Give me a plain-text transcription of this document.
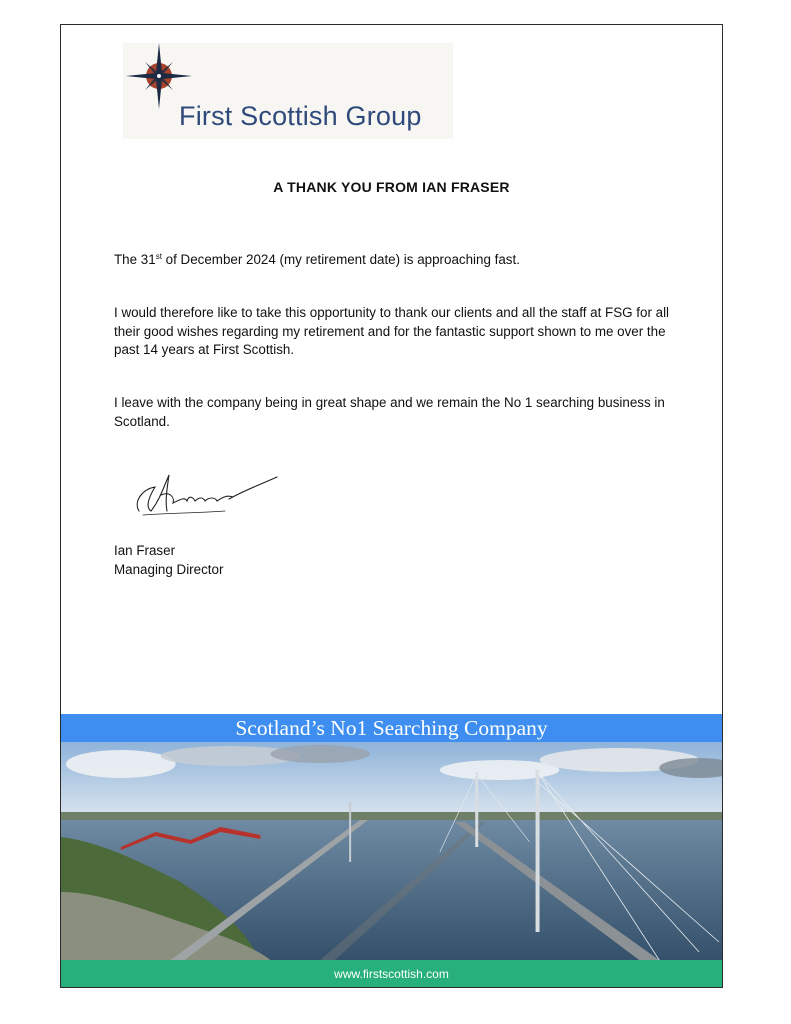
First Scottish Group
A THANK YOU FROM IAN FRASER

The 31st of December 2024 (my retirement date) is approaching fast.

I would therefore like to take this opportunity to thank our clients and all the staff at FSG for all their good wishes regarding my retirement and for the fantastic support shown to me over the past 14 years at First Scottish.

I leave with the company being in great shape and we remain the No 1 searching business in Scotland.

Ian Fraser
Managing Director
Scotland’s No1 Searching Company
www.firstscottish.com
